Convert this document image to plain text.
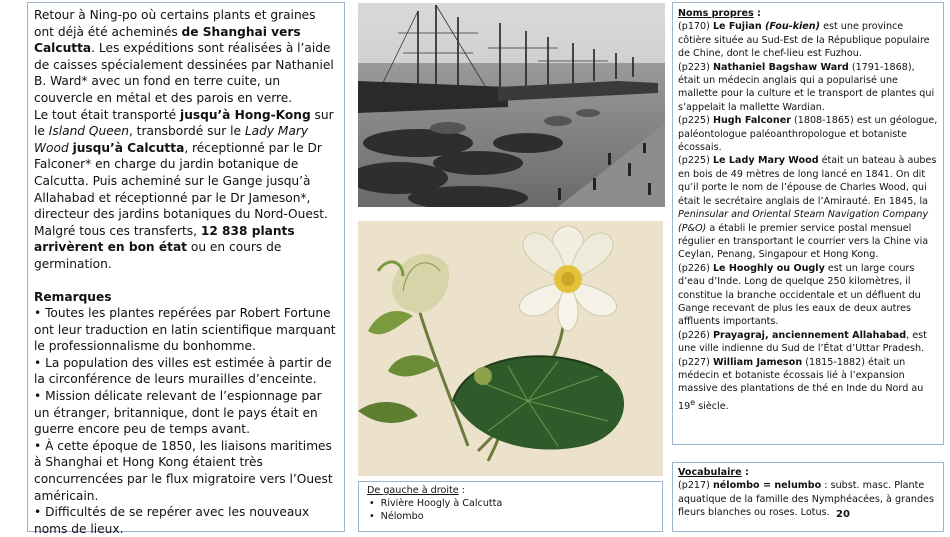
Retour à Ning-po où certains plants et graines ont déjà été acheminés de Shanghai vers Calcutta. Les expéditions sont réalisées à l’aide de caisses spécialement dessinées par Nathaniel B. Ward* avec un fond en terre cuite, un couvercle en métal et des parois en verre.

Le tout était transporté jusqu’à Hong-Kong sur le Island Queen, transbordé sur le Lady Mary Wood jusqu’à Calcutta, réceptionné par le Dr Falconer* en charge du jardin botanique de Calcutta. Puis acheminé sur le Gange jusqu’à Allahabad et réceptionné par le Dr Jameson*, directeur des jardins botaniques du Nord-Ouest.

Malgré tous ces transferts, 12 838 plants arrivèrent en bon état ou en cours de germination.

Remarques

• Toutes les plantes repérées par Robert Fortune ont leur traduction en latin scientifique marquant le professionnalisme du bonhomme.

• La population des villes est estimée à partir de la circonférence de leurs murailles d’enceinte.

• Mission délicate relevant de l’espionnage par un étranger, britannique, dont le pays était en guerre encore peu de temps avant.

• À cette époque de 1850, les liaisons maritimes à Shanghai et Hong Kong étaient très concurrencées par le flux migratoire vers l’Ouest américain.

• Difficultés de se repérer avec les nouveaux noms de lieux.

Noms propres :

(p170) Le Fujian (Fou-kien) est une province côtière située au Sud-Est de la République populaire de Chine, dont le chef-lieu est Fuzhou.

(p223) Nathaniel Bagshaw Ward (1791-1868), était un médecin anglais qui a popularisé une mallette pour la culture et le transport de plantes qui s’appelait la mallette Wardian.

(p225) Hugh Falconer (1808-1865) est un géologue, paléontologue paléoanthropologue et botaniste écossais.

(p225) Le Lady Mary Wood était un bateau à aubes en bois de 49 mètres de long lancé en 1841. On dit qu’il porte le nom de l’épouse de Charles Wood, qui était le secrétaire anglais de l’Amirauté. En 1845, la Peninsular and Oriental Steam Navigation Company (P&O) a établi le premier service postal mensuel régulier en transportant le courrier vers la Chine via Ceylan, Penang, Singapour et Hong Kong.

(p226) Le Hooghly ou Ougly est un large cours d’eau d’Inde. Long de quelque 250 kilomètres, il constitue la branche occidentale et un défluent du Gange recevant de plus les eaux de deux autres affluents importants.

(p226) Prayagraj, anciennement Allahabad, est une ville indienne du Sud de l’État d’Uttar Pradesh.

(p227) William Jameson (1815-1882) était un médecin et botaniste écossais lié à l’expansion massive des plantations de thé en Inde du Nord au 19e siècle.

Vocabulaire :

(p217) nélombo = nelumbo : subst. masc. Plante aquatique de la famille des Nymphéacées, à grandes fleurs blanches ou roses. Lotus. 20
De gauche à droite :
• Rivière Hoogly à Calcutta
• Nélombo
